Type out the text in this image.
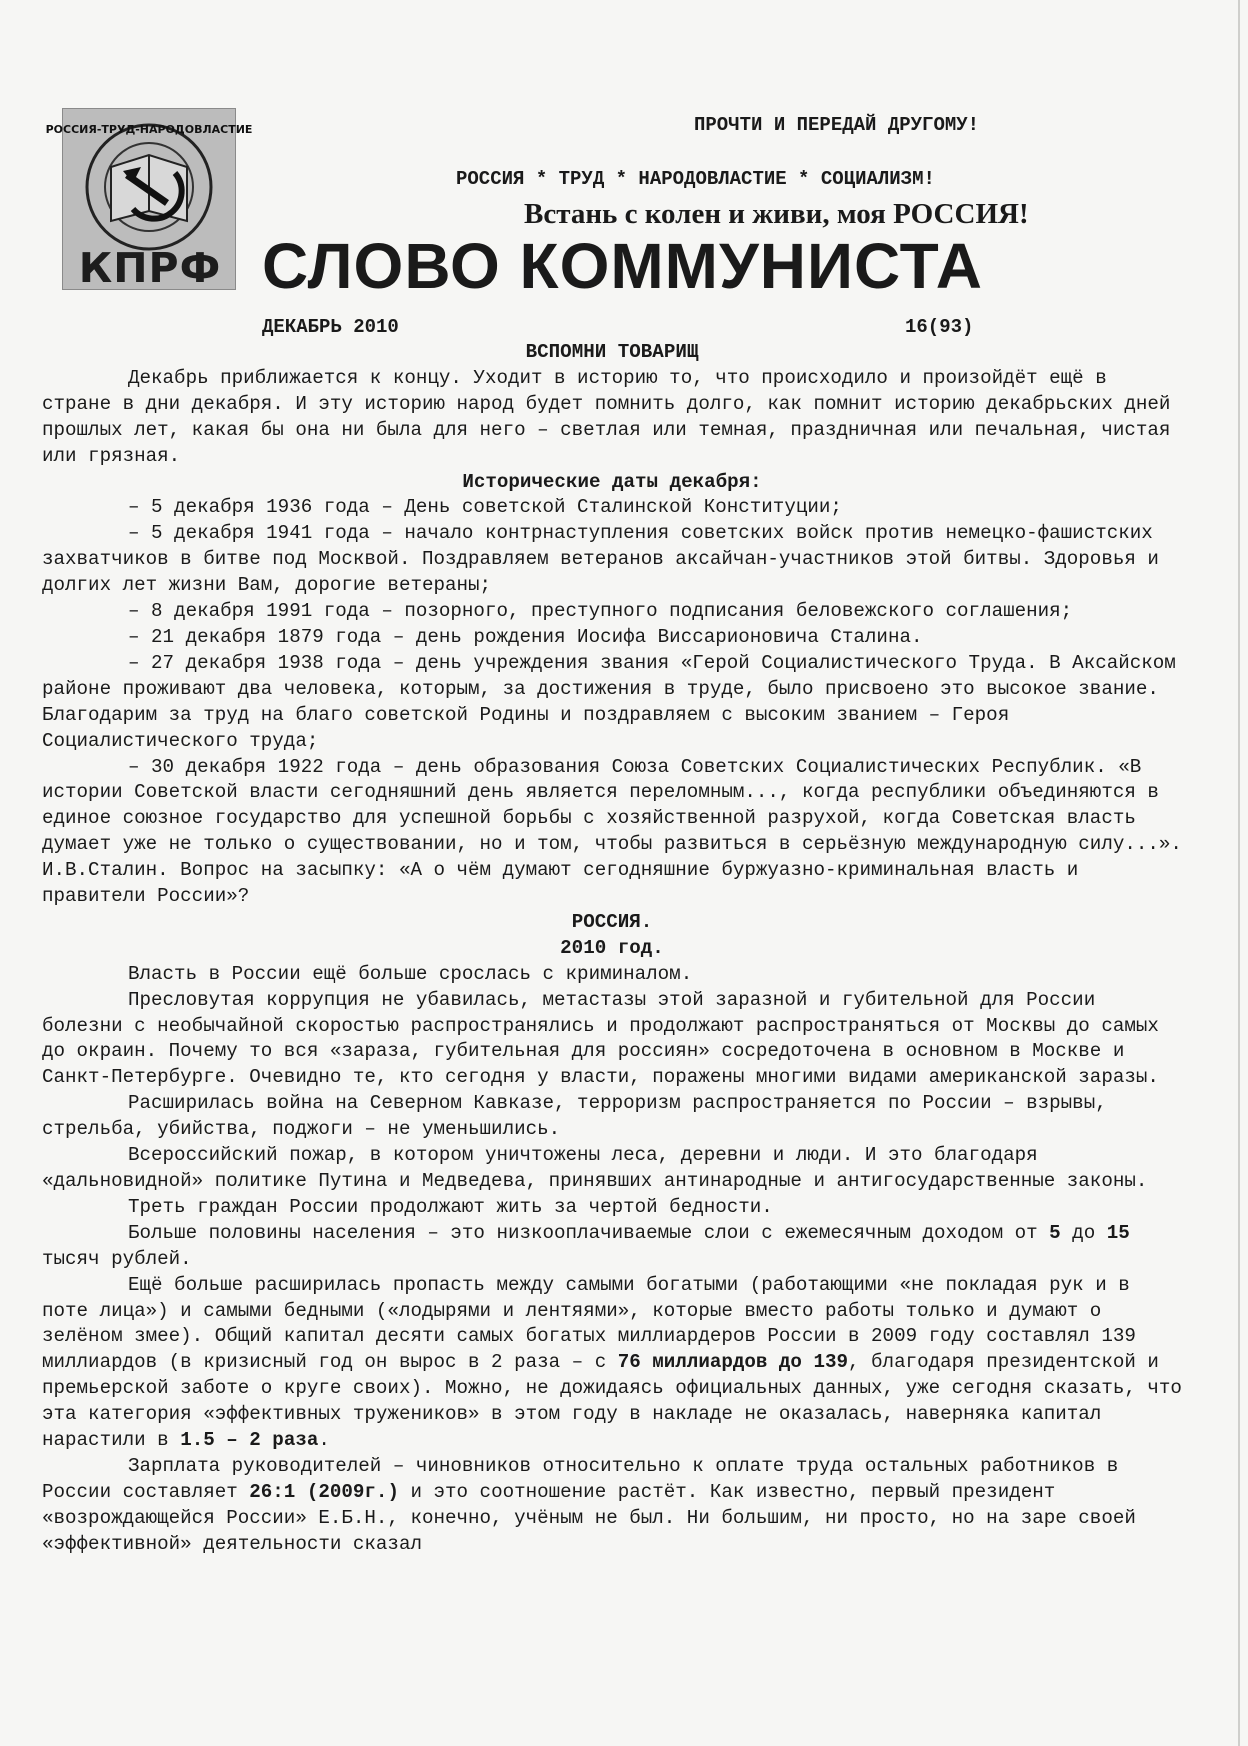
РОССИЯ-ТРУД-НАРОДОВЛАСТИЕ
КПРФ
ПРОЧТИ И ПЕРЕДАЙ ДРУГОМУ!
РОССИЯ * ТРУД * НАРОДОВЛАСТИЕ * СОЦИАЛИЗМ!
Встань с колен и живи, моя РОССИЯ!
СЛОВО КОММУНИСТА
ДЕКАБРЬ 2010	16(93)

ВСПОМНИ ТОВАРИЩ

Декабрь приближается к концу. Уходит в историю то, что происходило и произойдёт ещё в стране в дни декабря. И эту историю народ будет помнить долго, как помнит историю декабрьских дней прошлых лет, какая бы она ни была для него – светлая или темная, праздничная или печальная, чистая или грязная.

Исторические даты декабря:

– 5 декабря 1936 года – День советской Сталинской Конституции;

– 5 декабря 1941 года – начало контрнаступления советских войск против немецко-фашистских захватчиков в битве под Москвой. Поздравляем ветеранов аксайчан-участников этой битвы. Здоровья и долгих лет жизни Вам, дорогие ветераны;

– 8 декабря 1991 года – позорного, преступного подписания беловежского соглашения;

– 21 декабря 1879 года – день рождения Иосифа Виссарионовича Сталина.

– 27 декабря 1938 года – день учреждения звания «Герой Социалистического Труда. В Аксайском районе проживают два человека, которым, за достижения в труде, было присвоено это высокое звание. Благодарим за труд на благо советской Родины и поздравляем с высоким званием – Героя Социалистического труда;

– 30 декабря 1922 года – день образования Союза Советских Социалистических Республик. «В истории Советской власти сегодняшний день является переломным..., когда республики объединяются в единое союзное государство для успешной борьбы с хозяйственной разрухой, когда Советская власть думает уже не только о существовании, но и том, чтобы развиться в серьёзную международную силу...». И.В.Сталин. Вопрос на засыпку: «А о чём думают сегодняшние буржуазно-криминальная власть и правители России»?

РОССИЯ.

2010 год.

Власть в России ещё больше срослась с криминалом.

Пресловутая коррупция не убавилась, метастазы этой заразной и губительной для России болезни с необычайной скоростью распространялись и продолжают распространяться от Москвы до самых до окраин. Почему то вся «зараза, губительная для россиян» сосредоточена в основном в Москве и Санкт-Петербурге. Очевидно те, кто сегодня у власти, поражены многими видами американской заразы.

Расширилась война на Северном Кавказе, терроризм распространяется по России – взрывы, стрельба, убийства, поджоги – не уменьшились.

Всероссийский пожар, в котором уничтожены леса, деревни и люди. И это благодаря «дальновидной» политике Путина и Медведева, принявших антинародные и антигосударственные законы.

Треть граждан России продолжают жить за чертой бедности.

Больше половины населения – это низкооплачиваемые слои с ежемесячным доходом от 5 до 15 тысяч рублей.

Ещё больше расширилась пропасть между самыми богатыми (работающими «не покладая рук и в поте лица») и самыми бедными («лодырями и лентяями», которые вместо работы только и думают о зелёном змее). Общий капитал десяти самых богатых миллиардеров России в 2009 году составлял 139 миллиардов (в кризисный год он вырос в 2 раза – с 76 миллиардов до 139, благодаря президентской и премьерской заботе о круге своих). Можно, не дожидаясь официальных данных, уже сегодня сказать, что эта категория «эффективных тружеников» в этом году в накладе не оказалась, наверняка капитал нарастили в 1.5 – 2 раза.

Зарплата руководителей – чиновников относительно к оплате труда остальных работников в России составляет 26:1 (2009г.) и это соотношение растёт. Как известно, первый президент «возрождающейся России» Е.Б.Н., конечно, учёным не был. Ни большим, ни просто, но на заре своей «эффективной» деятельности сказал
